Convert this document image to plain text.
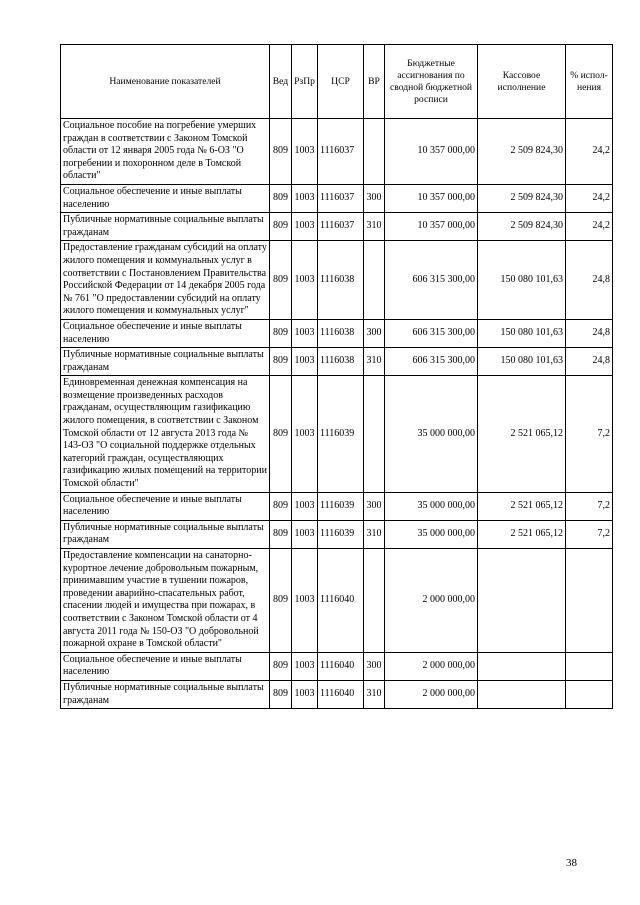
Наименование показателей	Вед	РзПр	ЦСР	ВР	Бюджетные ассигнования по сводной бюджетной росписи	Кассовое исполнение	% испол-нения
Социальное пособие на погребение умерших граждан в соответствии с Законом Томской области от 12 января 2005 года № 6-ОЗ "О погребении и похоронном деле в Томской области"	809	1003	1116037		10 357 000,00	2 509 824,30	24,2
Социальное обеспечение и иные выплаты населению	809	1003	1116037	300	10 357 000,00	2 509 824,30	24,2
Публичные нормативные социальные выплаты гражданам	809	1003	1116037	310	10 357 000,00	2 509 824,30	24,2
Предоставление гражданам субсидий на оплату жилого помещения и коммунальных услуг в соответствии с Постановлением Правительства Российской Федерации от 14 декабря 2005 года № 761 "О предоставлении субсидий на оплату жилого помещения и коммунальных услуг"	809	1003	1116038		606 315 300,00	150 080 101,63	24,8
Социальное обеспечение и иные выплаты населению	809	1003	1116038	300	606 315 300,00	150 080 101,63	24,8
Публичные нормативные социальные выплаты гражданам	809	1003	1116038	310	606 315 300,00	150 080 101,63	24,8
Единовременная денежная компенсация на возмещение произведенных расходов гражданам, осуществляющим газификацию жилого помещения, в соответствии с Законом Томской области от 12 августа 2013 года № 143-ОЗ "О социальной поддержке отдельных категорий граждан, осуществляющих газификацию жилых помещений на территории Томской области"	809	1003	1116039		35 000 000,00	2 521 065,12	7,2
Социальное обеспечение и иные выплаты населению	809	1003	1116039	300	35 000 000,00	2 521 065,12	7,2
Публичные нормативные социальные выплаты гражданам	809	1003	1116039	310	35 000 000,00	2 521 065,12	7,2
Предоставление компенсации на санаторно-курортное лечение добровольным пожарным, принимавшим участие в тушении пожаров, проведении аварийно-спасательных работ, спасении людей и имущества при пожарах, в соответствии с Законом Томской области от 4 августа 2011 года № 150-ОЗ "О добровольной пожарной охране в Томской области"	809	1003	1116040		2 000 000,00		
Социальное обеспечение и иные выплаты населению	809	1003	1116040	300	2 000 000,00		
Публичные нормативные социальные выплаты гражданам	809	1003	1116040	310	2 000 000,00		
38
